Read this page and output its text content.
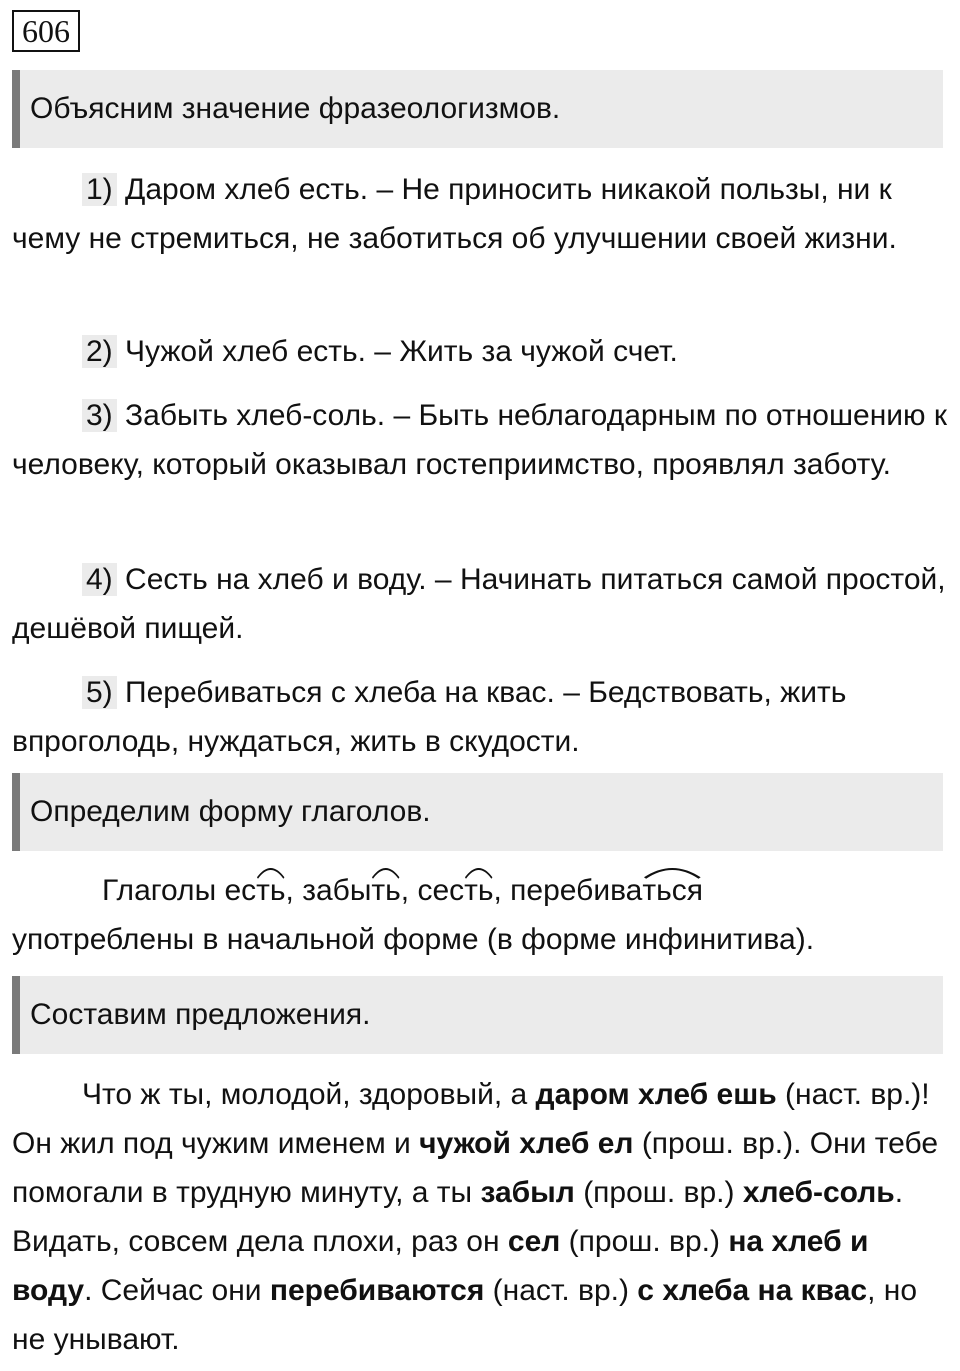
606
Объясним значение фразеологизмов.
1) Даром хлеб есть. – Не приносить никакой пользы, ни к чему не стремиться, не заботиться об улучшении своей жизни.
2) Чужой хлеб есть. – Жить за чужой счет.
3) Забыть хлеб-соль. – Быть неблагодарным по отношению к человеку, который оказывал гостеприимство, проявлял заботу.
4) Сесть на хлеб и воду. – Начинать питаться самой простой, дешёвой пищей.
5) Перебиваться с хлеба на квас. – Бедствовать, жить впроголодь, нуждаться, жить в скудости.
Определим форму глаголов.
Глаголы ес
ть, забы
ть, сес
ть, перебива
ться
употреблены в начальной форме (в форме инфинитива).
Составим предложения.
Что ж ты, молодой, здоровый, а даром хлеб ешь (наст. вр.)! Он жил под чужим именем и чужой хлеб ел (прош. вр.). Они тебе помогали в трудную минуту, а ты забыл (прош. вр.) хлеб-соль. Видать, совсем дела плохи, раз он сел (прош. вр.) на хлеб и воду. Сейчас они перебиваются (наст. вр.) с хлеба на квас, но не унывают.
